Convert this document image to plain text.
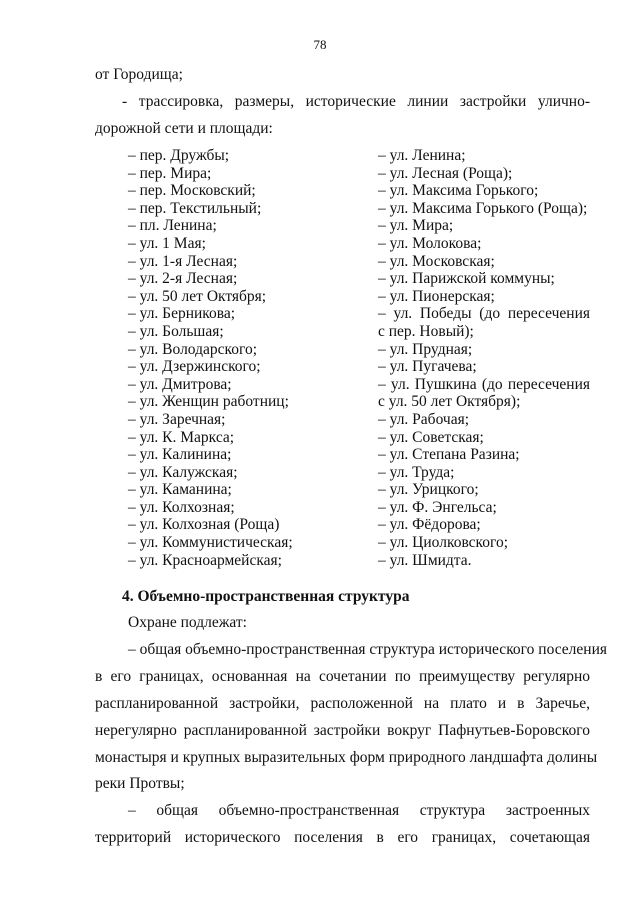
78
от Городища;
- трассировка, размеры, исторические линии застройки улично-
дорожной сети и площади:
– пер. Дружбы;
– пер. Мира;
– пер. Московский;
– пер. Текстильный;
– пл. Ленина;
– ул. 1 Мая;
– ул. 1-я Лесная;
– ул. 2-я Лесная;
– ул. 50 лет Октября;
– ул. Берникова;
– ул. Большая;
– ул. Володарского;
– ул. Дзержинского;
– ул. Дмитрова;
– ул. Женщин работниц;
– ул. Заречная;
– ул. К. Маркса;
– ул. Калинина;
– ул. Калужская;
– ул. Каманина;
– ул. Колхозная;
– ул. Колхозная (Роща)
– ул. Коммунистическая;
– ул. Красноармейская;
– ул. Ленина;
– ул. Лесная (Роща);
– ул. Максима Горького;
– ул. Максима Горького (Роща);
– ул. Мира;
– ул. Молокова;
– ул. Московская;
– ул. Парижской коммуны;
– ул. Пионерская;
– ул. Победы (до пересечения
с пер. Новый);
– ул. Прудная;
– ул. Пугачева;
– ул. Пушкина (до пересечения
с ул. 50 лет Октября);
– ул. Рабочая;
– ул. Советская;
– ул. Степана Разина;
– ул. Труда;
– ул. Урицкого;
– ул. Ф. Энгельса;
– ул. Фёдорова;
– ул. Циолковского;
– ул. Шмидта.
4. Объемно-пространственная структура
Охране подлежат:
– общая объемно-пространственная структура исторического поселения
в его границах, основанная на сочетании по преимуществу регулярно
распланированной застройки, расположенной на плато и в Заречье,
нерегулярно распланированной застройки вокруг Пафнутьев-Боровского
монастыря и крупных выразительных форм природного ландшафта долины
реки Протвы;
– общая объемно-пространственная структура застроенных
территорий исторического поселения в его границах, сочетающая
